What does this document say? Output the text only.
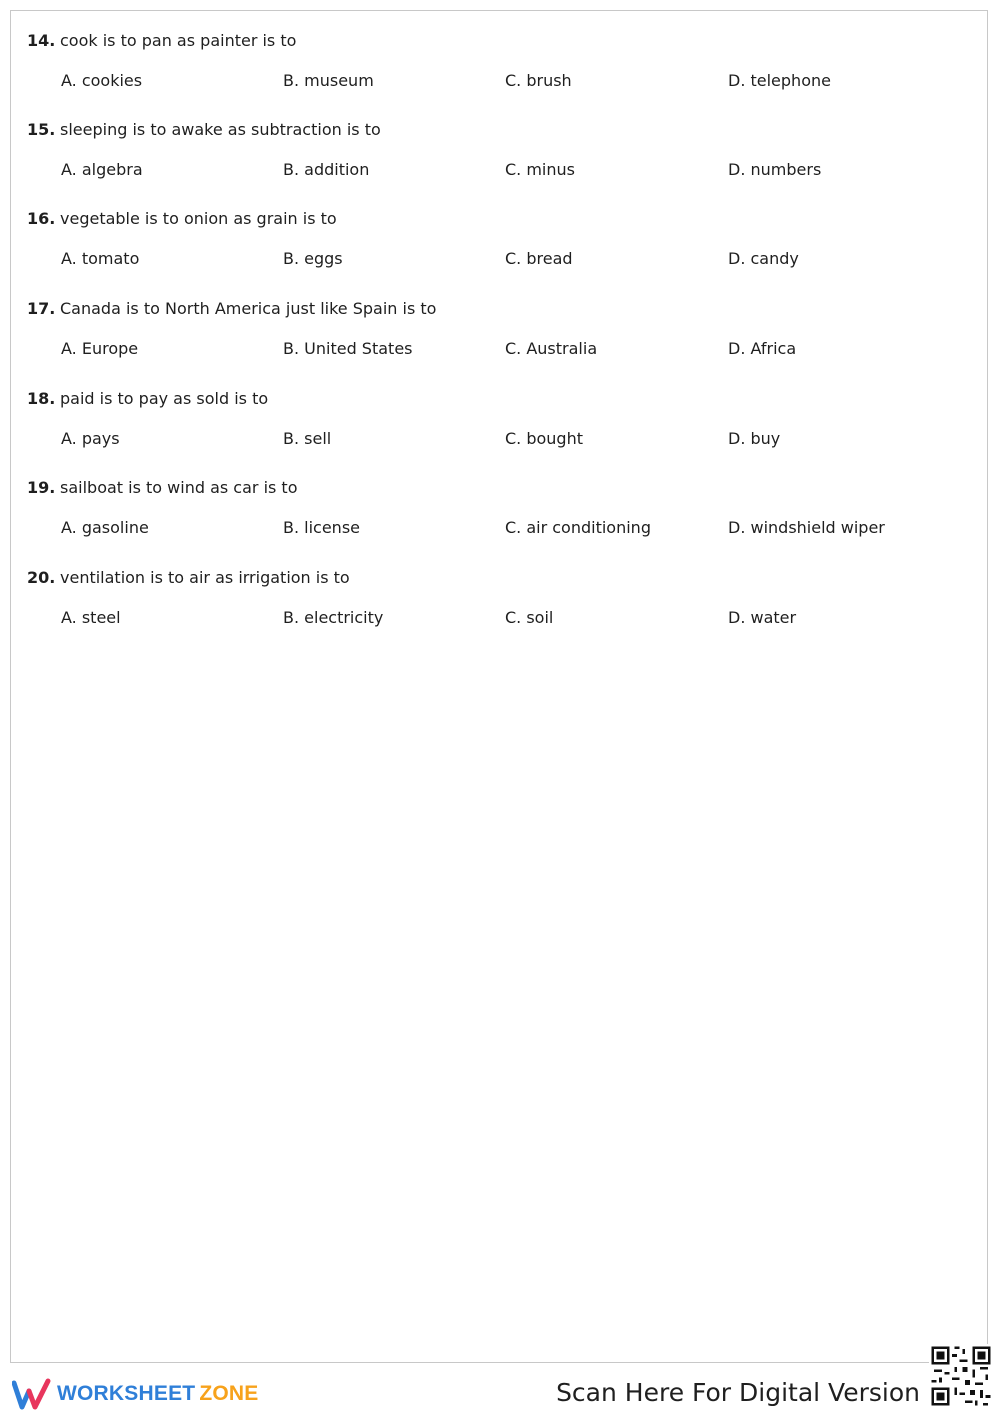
14. cook is to pan as painter is to
A. cookies	B. museum	C. brush	D. telephone
15. sleeping is to awake as subtraction is to
A. algebra	B. addition	C. minus	D. numbers
16. vegetable is to onion as grain is to
A. tomato	B. eggs	C. bread	D. candy
17. Canada is to North America just like Spain is to
A. Europe	B. United States	C. Australia	D. Africa
18. paid is to pay as sold is to
A. pays	B. sell	C. bought	D. buy
19. sailboat is to wind as car is to
A. gasoline	B. license	C. air conditioning	D. windshield wiper
20. ventilation is to air as irrigation is to
A. steel	B. electricity	C. soil	D. water
WORKSHEET ZONE	Scan Here For Digital Version
